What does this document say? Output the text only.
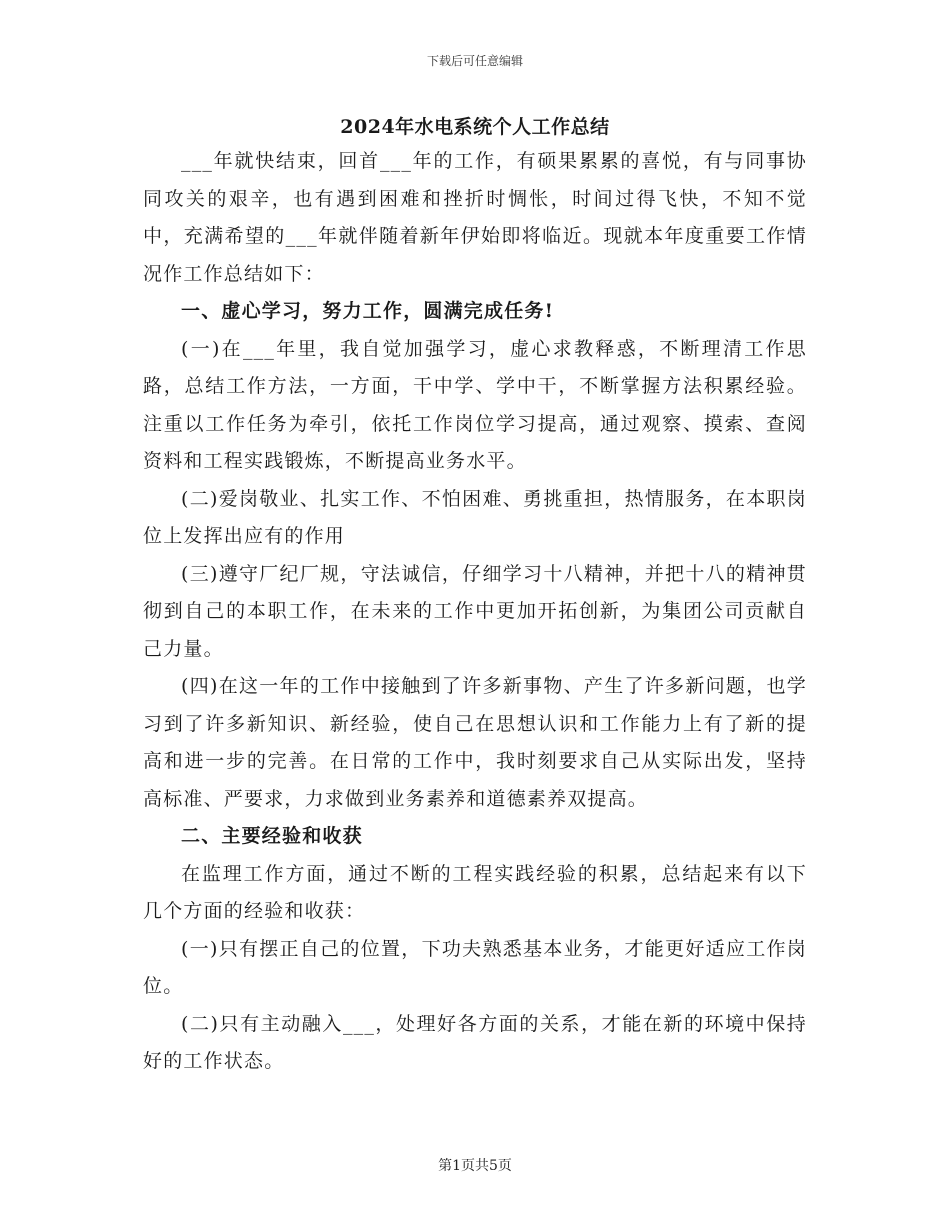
下载后可任意编辑
2024年水电系统个人工作总结

___年就快结束，回首___年的工作，有硕果累累的喜悦，有与同事协同攻关的艰辛，也有遇到困难和挫折时惆怅，时间过得飞快，不知不觉中，充满希望的___年就伴随着新年伊始即将临近。现就本年度重要工作情况作工作总结如下：

一、虚心学习，努力工作，圆满完成任务!

(一)在___年里，我自觉加强学习，虚心求教释惑，不断理清工作思路，总结工作方法，一方面，干中学、学中干，不断掌握方法积累经验。注重以工作任务为牵引，依托工作岗位学习提高，通过观察、摸索、查阅资料和工程实践锻炼，不断提高业务水平。

(二)爱岗敬业、扎实工作、不怕困难、勇挑重担，热情服务，在本职岗位上发挥出应有的作用

(三)遵守厂纪厂规，守法诚信，仔细学习十八精神，并把十八的精神贯彻到自己的本职工作，在未来的工作中更加开拓创新，为集团公司贡献自己力量。

(四)在这一年的工作中接触到了许多新事物、产生了许多新问题，也学习到了许多新知识、新经验，使自己在思想认识和工作能力上有了新的提高和进一步的完善。在日常的工作中，我时刻要求自己从实际出发，坚持高标准、严要求，力求做到业务素养和道德素养双提高。

二、主要经验和收获

在监理工作方面，通过不断的工程实践经验的积累，总结起来有以下几个方面的经验和收获：

(一)只有摆正自己的位置，下功夫熟悉基本业务，才能更好适应工作岗位。

(二)只有主动融入___，处理好各方面的关系，才能在新的环境中保持好的工作状态。

第1页共5页
